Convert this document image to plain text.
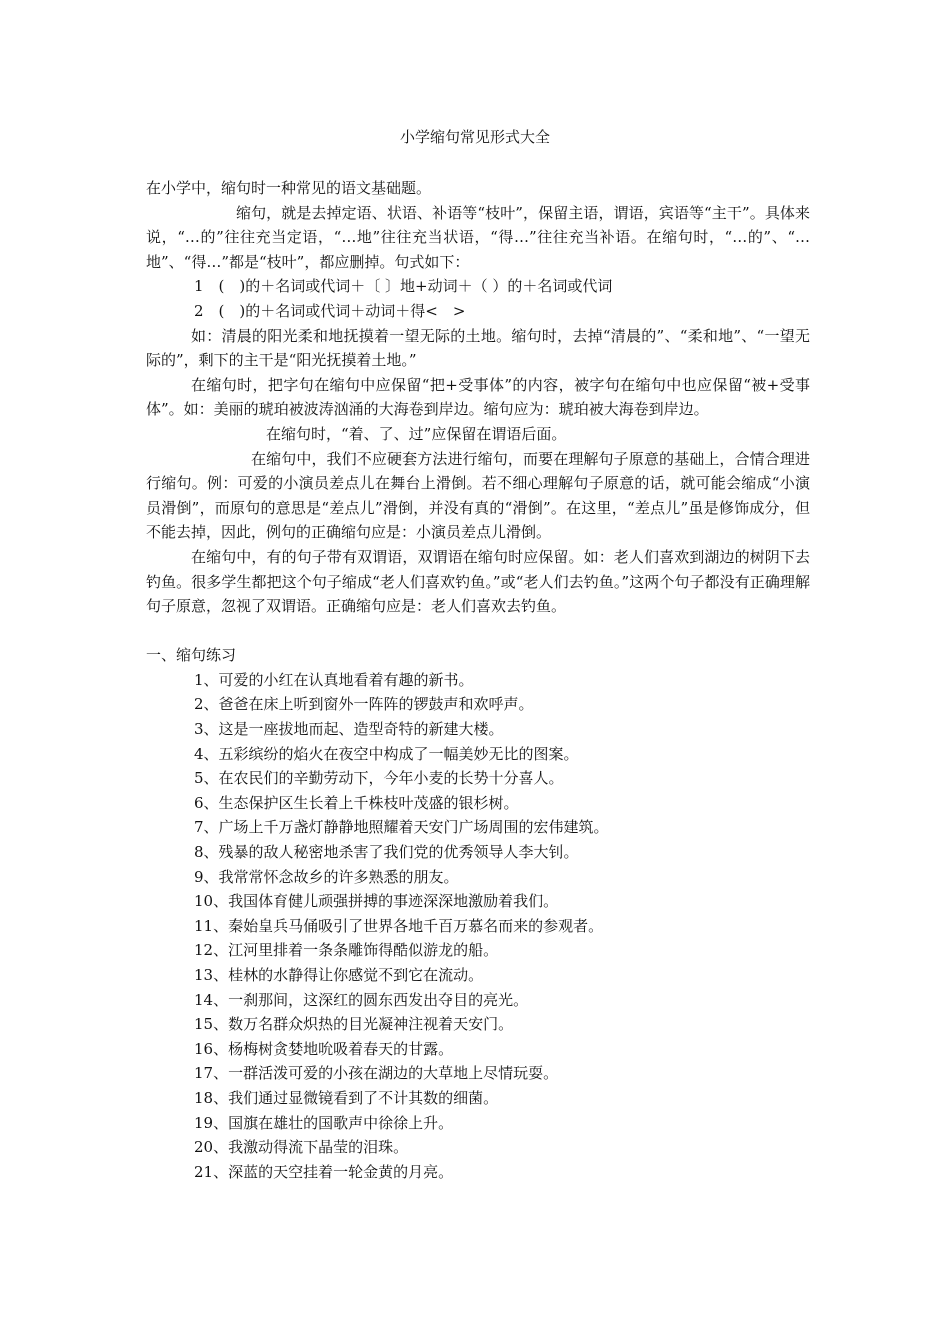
小学缩句常见形式大全

在小学中，缩句时一种常见的语文基础题。

缩句，就是去掉定语、状语、补语等“枝叶”，保留主语，谓语，宾语等“主干”。具体来说，“…的”往往充当定语，“…地”往往充当状语，“得…”往往充当补语。在缩句时，“…的”、“…地”、“得…”都是“枝叶”，都应删掉。句式如下：

1　(　)的＋名词或代词＋〔 〕地+动词＋（ ）的＋名词或代词

2　(　)的＋名词或代词＋动词＋得<　>

如：清晨的阳光柔和地抚摸着一望无际的土地。缩句时，去掉“清晨的”、“柔和地”、“一望无际的”，剩下的主干是“阳光抚摸着土地。”

在缩句时，把字句在缩句中应保留“把+受事体”的内容，被字句在缩句中也应保留“被+受事体”。如：美丽的琥珀被波涛汹涌的大海卷到岸边。缩句应为：琥珀被大海卷到岸边。

在缩句时，“着、了、过”应保留在谓语后面。

在缩句中，我们不应硬套方法进行缩句，而要在理解句子原意的基础上，合情合理进行缩句。例：可爱的小演员差点儿在舞台上滑倒。若不细心理解句子原意的话，就可能会缩成“小演员滑倒”，而原句的意思是“差点儿”滑倒，并没有真的“滑倒”。在这里，“差点儿”虽是修饰成分，但不能去掉，因此，例句的正确缩句应是：小演员差点儿滑倒。

在缩句中，有的句子带有双谓语，双谓语在缩句时应保留。如：老人们喜欢到湖边的树阴下去钓鱼。很多学生都把这个句子缩成“老人们喜欢钓鱼。”或“老人们去钓鱼。”这两个句子都没有正确理解句子原意，忽视了双谓语。正确缩句应是：老人们喜欢去钓鱼。

一、缩句练习

1、可爱的小红在认真地看着有趣的新书。
2、爸爸在床上听到窗外一阵阵的锣鼓声和欢呼声。
3、这是一座拔地而起、造型奇特的新建大楼。
4、五彩缤纷的焰火在夜空中构成了一幅美妙无比的图案。
5、在农民们的辛勤劳动下，今年小麦的长势十分喜人。
6、生态保护区生长着上千株枝叶茂盛的银杉树。
7、广场上千万盏灯静静地照耀着天安门广场周围的宏伟建筑。
8、残暴的敌人秘密地杀害了我们党的优秀领导人李大钊。
9、我常常怀念故乡的许多熟悉的朋友。
10、我国体育健儿顽强拼搏的事迹深深地激励着我们。
11、秦始皇兵马俑吸引了世界各地千百万慕名而来的参观者。
12、江河里排着一条条雕饰得酷似游龙的船。
13、桂林的水静得让你感觉不到它在流动。
14、一刹那间，这深红的圆东西发出夺目的亮光。
15、数万名群众炽热的目光凝神注视着天安门。
16、杨梅树贪婪地吮吸着春天的甘露。
17、一群活泼可爱的小孩在湖边的大草地上尽情玩耍。
18、我们通过显微镜看到了不计其数的细菌。
19、国旗在雄壮的国歌声中徐徐上升。
20、我激动得流下晶莹的泪珠。
21、深蓝的天空挂着一轮金黄的月亮。
